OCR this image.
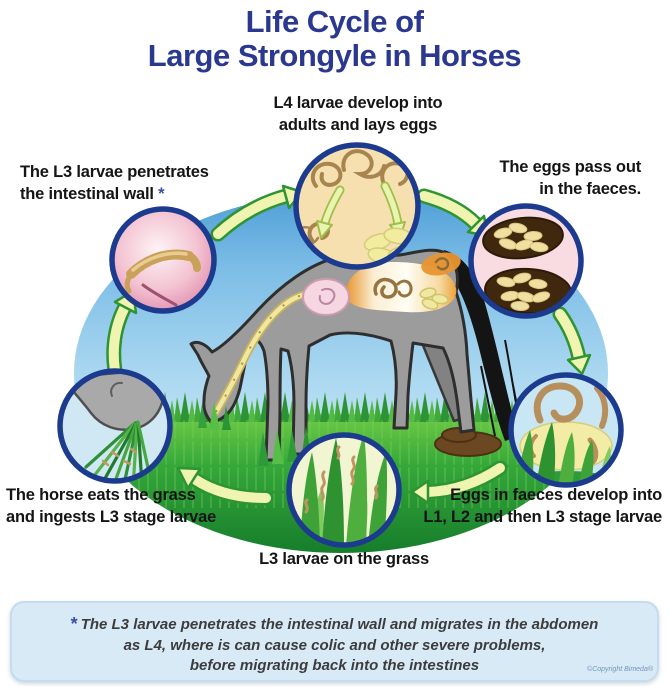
Life Cycle of
Large Strongyle in Horses
L4 larvae develop into
adults and lays eggs
The L3 larvae penetrates
the intestinal wall *
The eggs pass out
in the faeces.
The horse eats the grass
and ingests L3 stage larvae
L3 larvae on the grass
Eggs in faeces develop into
L1, L2 and then L3 stage larvae
* The L3 larvae penetrates the intestinal wall and migrates in the abdomen
as L4, where is can cause colic and other severe problems,
before migrating back into the intestines	©Copyright Bimeda®
